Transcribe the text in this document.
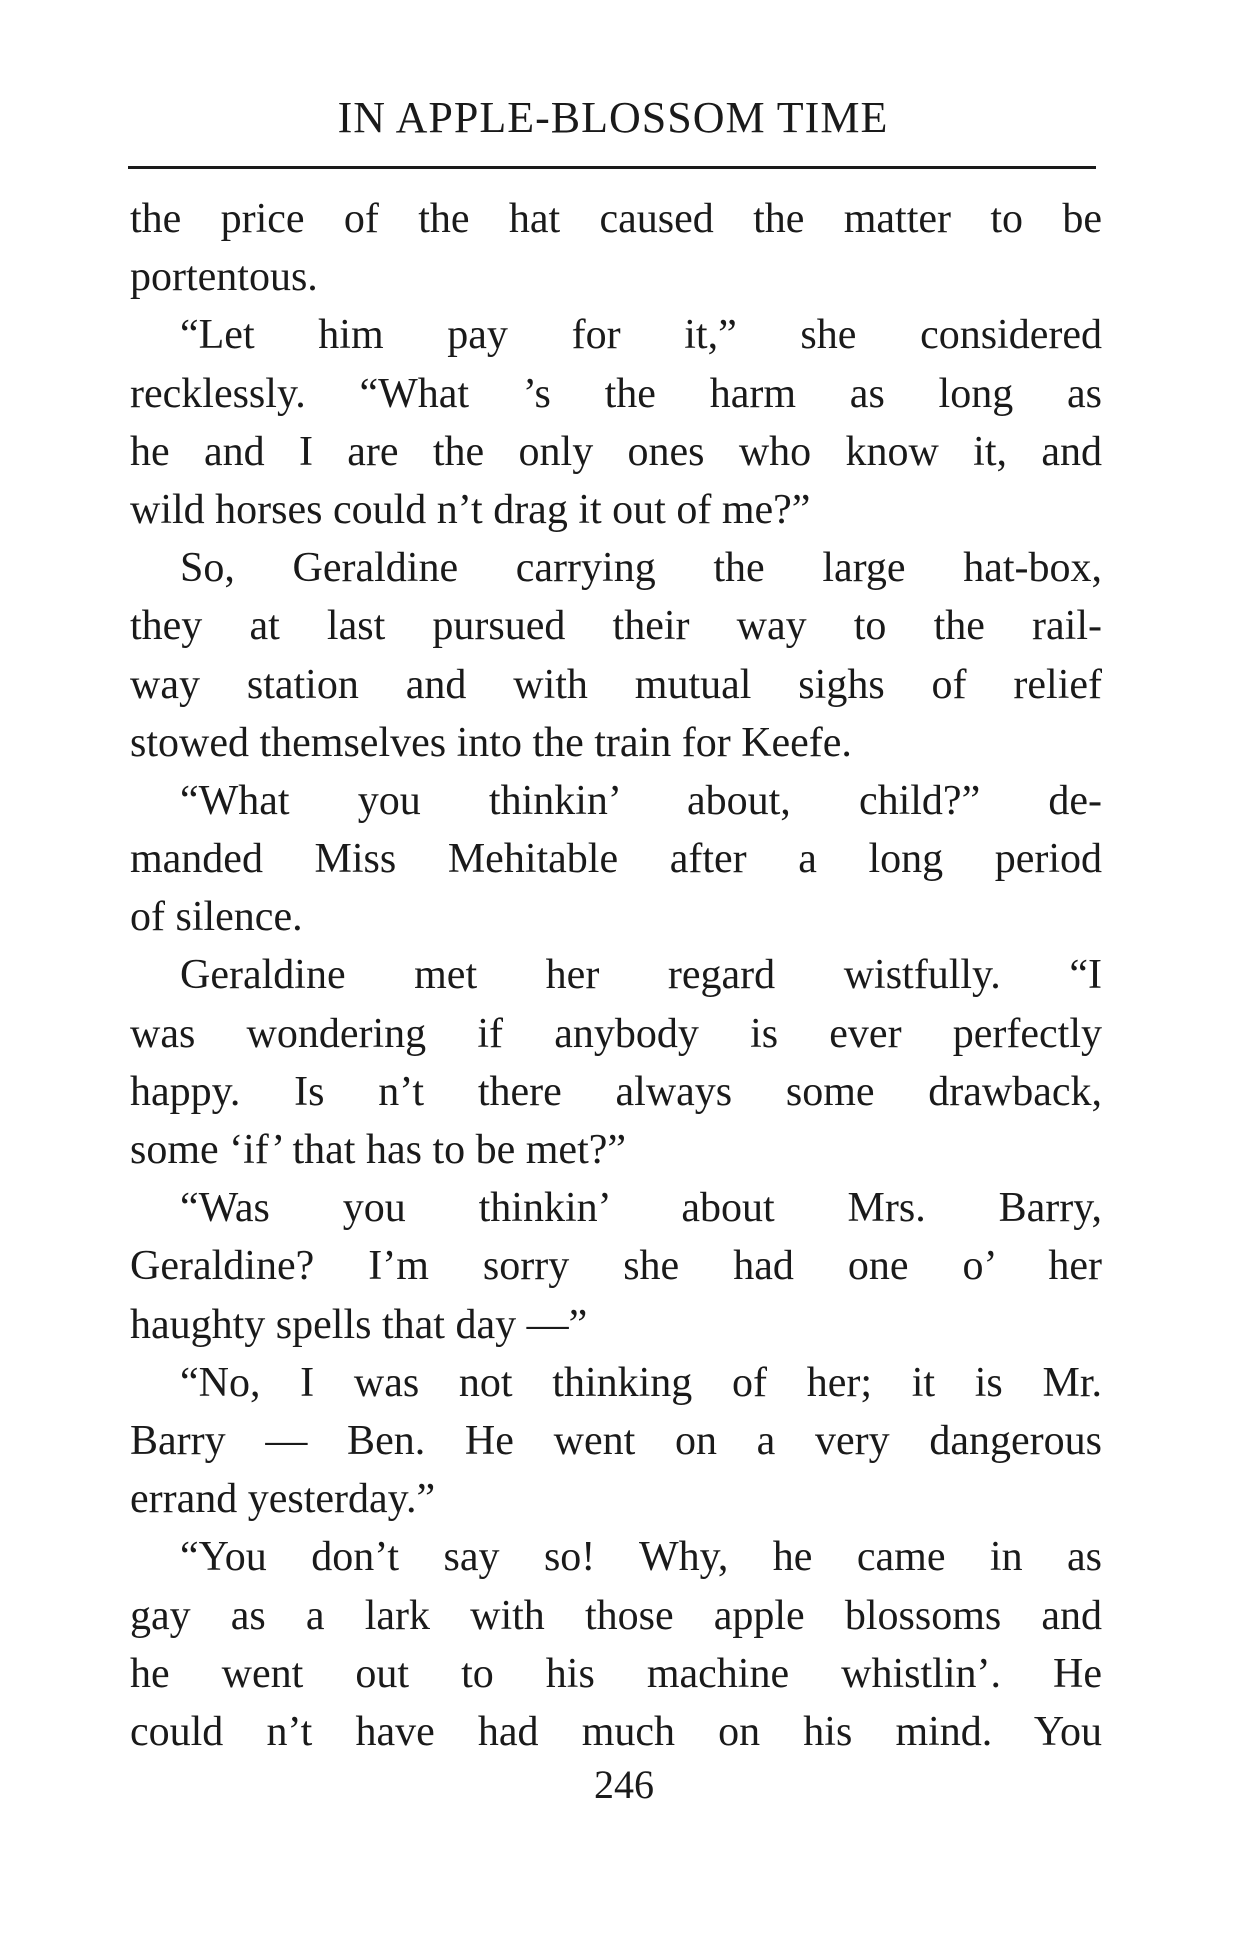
IN APPLE-BLOSSOM TIME
the price of the hat caused the matter to be
portentous.
“Let him pay for it,” she considered
recklessly. “What ’s the harm as long as
he and I are the only ones who know it, and
wild horses could n’t drag it out of me?”
So, Geraldine carrying the large hat-box,
they at last pursued their way to the rail-
way station and with mutual sighs of relief
stowed themselves into the train for Keefe.
“What you thinkin’ about, child?” de-
manded Miss Mehitable after a long period
of silence.
Geraldine met her regard wistfully. “I
was wondering if anybody is ever perfectly
happy. Is n’t there always some drawback,
some ‘if’ that has to be met?”
“Was you thinkin’ about Mrs. Barry,
Geraldine? I’m sorry she had one o’ her
haughty spells that day —”
“No, I was not thinking of her; it is Mr.
Barry — Ben. He went on a very dangerous
errand yesterday.”
“You don’t say so! Why, he came in as
gay as a lark with those apple blossoms and
he went out to his machine whistlin’. He
could n’t have had much on his mind. You
246
